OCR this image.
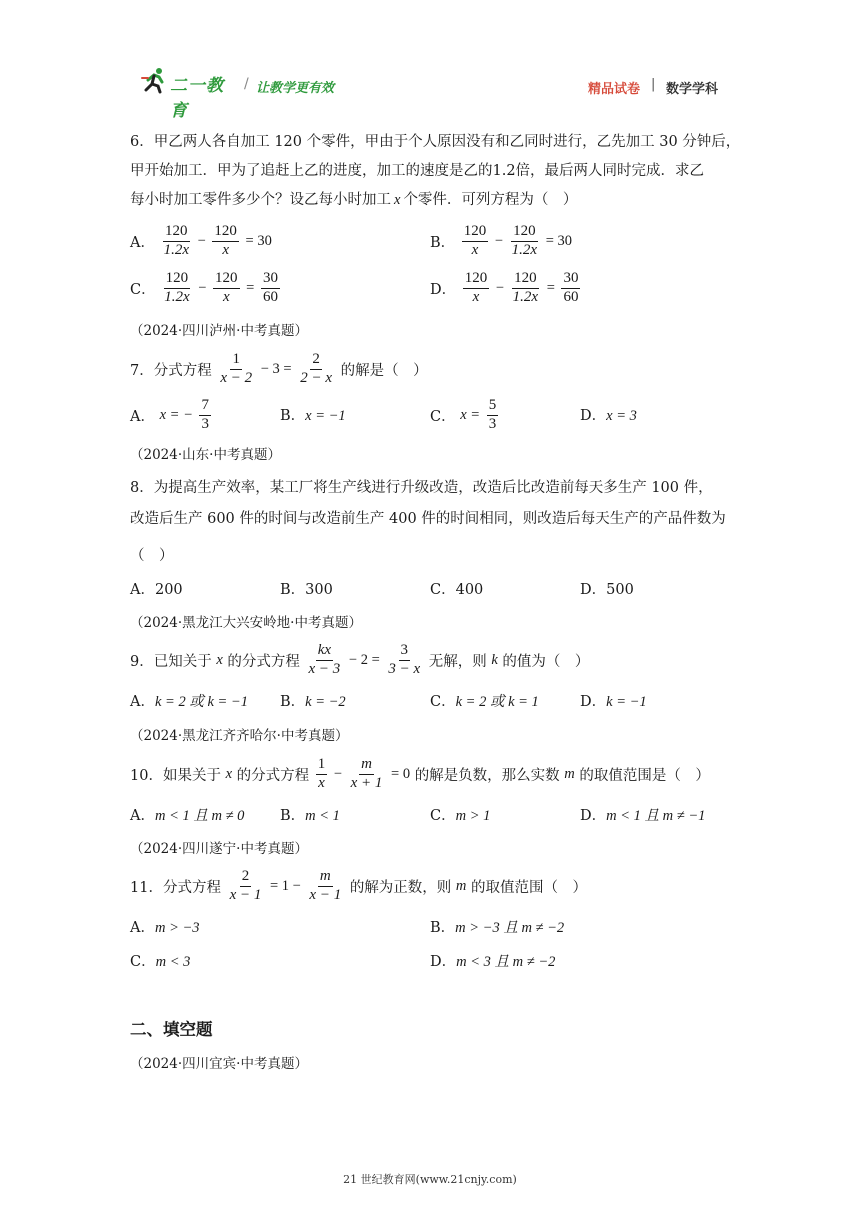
二一教育
/ 让教学更有效	精品试卷 | 数学学科
6．甲乙两人各自加工 120 个零件，甲由于个人原因没有和乙同时进行，乙先加工 30 分钟后，
甲开始加工．甲为了追赶上乙的进度，加工的速度是乙的1.2倍，最后两人同时完成．求乙
每小时加工零件多少个？设乙每小时加工 x 个零件．可列方程为（　）
A． $\frac{120}{1.2x} - \frac{120}{x} = 30$	B． $\frac{120}{x} - \frac{120}{1.2x} = 30$
C． $\frac{120}{1.2x} - \frac{120}{x} = \frac{30}{60}$	D． $\frac{120}{x} - \frac{120}{1.2x} = \frac{30}{60}$
（2024·四川泸州·中考真题）
7．分式方程 $\frac{1}{x - 2} - 3 = \frac{2}{2 - x}$ 的解是（　）
A． x = − $\frac{7}{3}$	B．x = −1	C． $x = \frac{5}{3}$	D．x = 3
（2024·山东·中考真题）
8．为提高生产效率，某工厂将生产线进行升级改造，改造后比改造前每天多生产 100 件，
改造后生产 600 件的时间与改造前生产 400 件的时间相同，则改造后每天生产的产品件数为
（　）
A．200	B．300	C．400	D．500
（2024·黑龙江大兴安岭地·中考真题）
9．已知关于 x 的分式方程 $\frac{kx}{x - 3} - 2 = \frac{3}{3 - x}$ 无解，则 k 的值为（　）
A．k = 2 或 k = −1 B．k = −2	C．k = 2 或 k = 1	D．k = −1
（2024·黑龙江齐齐哈尔·中考真题）
10．如果关于 x 的分式方程 $\frac{1}{x} - \frac{m}{x + 1} = 0$ 的解是负数，那么实数 m 的取值范围是（　）
A．m < 1 且 m ≠ 0 B．m < 1	C．m > 1	D．m < 1 且 m ≠ −1
（2024·四川遂宁·中考真题）
11．分式方程 $\frac{2}{x - 1} = 1 - \frac{m}{x - 1}$ 的解为正数，则 m 的取值范围（　）
A．m > −3	B．m > −3 且 m ≠ −2
C．m < 3	D．m < 3 且 m ≠ −2
二、填空题
（2024·四川宜宾·中考真题）
21 世纪教育网(www.21cnjy.com)
